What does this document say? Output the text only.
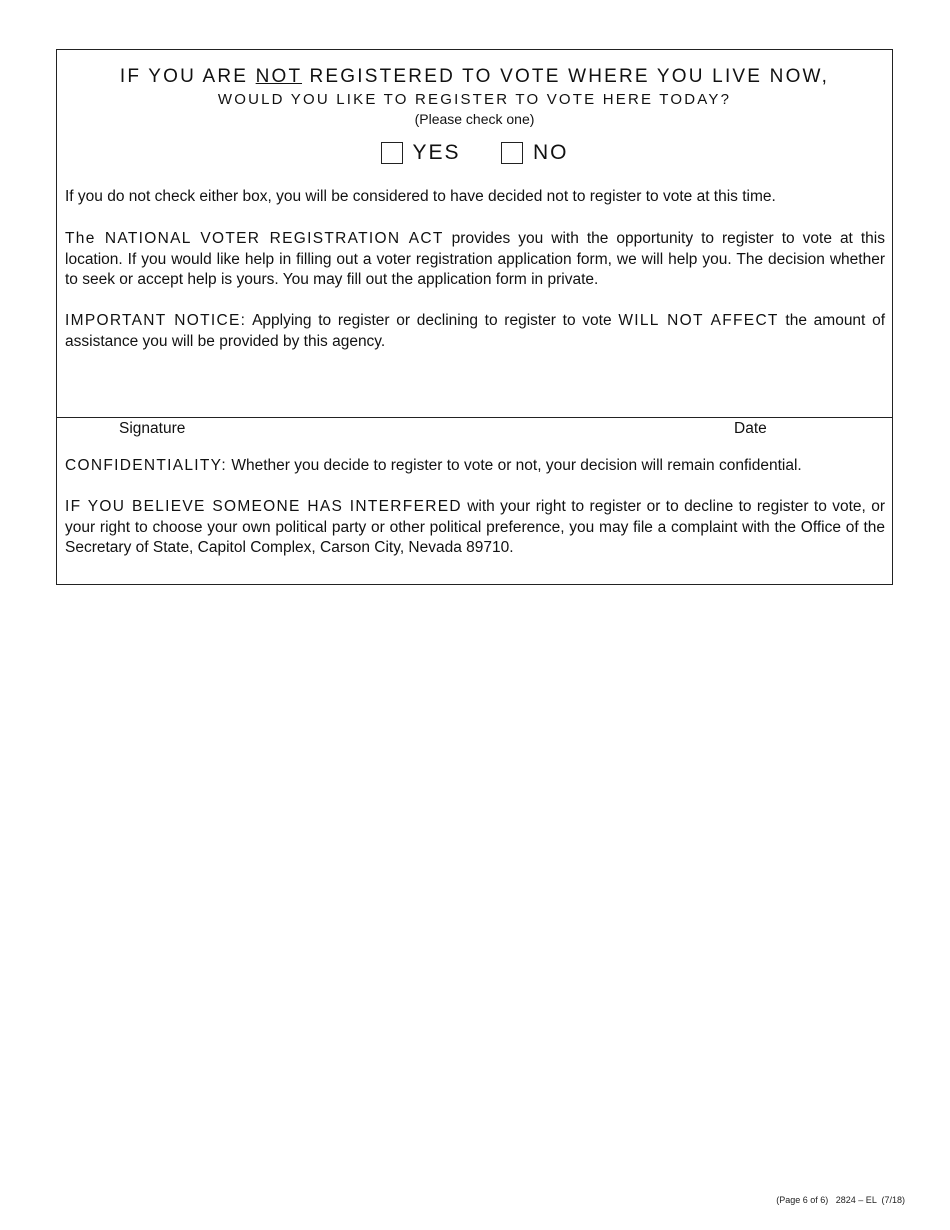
IF YOU ARE NOT REGISTERED TO VOTE WHERE YOU LIVE NOW,
WOULD YOU LIKE TO REGISTER TO VOTE HERE TODAY?
(Please check one)
YES
	NO
If you do not check either box, you will be considered to have decided not to register to vote at this time.
The NATIONAL VOTER REGISTRATION ACT provides you with the opportunity to register to vote at this location. If you would like help in filling out a voter registration application form, we will help you. The decision whether to seek or accept help is yours. You may fill out the application form in private.
IMPORTANT NOTICE: Applying to register or declining to register to vote WILL NOT AFFECT the amount of assistance you will be provided by this agency.
Signature	Date
CONFIDENTIALITY: Whether you decide to register to vote or not, your decision will remain confidential.
IF YOU BELIEVE SOMEONE HAS INTERFERED with your right to register or to decline to register to vote, or your right to choose your own political party or other political preference, you may file a complaint with the Office of the Secretary of State, Capitol Complex, Carson City, Nevada 89710.
(Page 6 of 6)   2824 – EL  (7/18)
